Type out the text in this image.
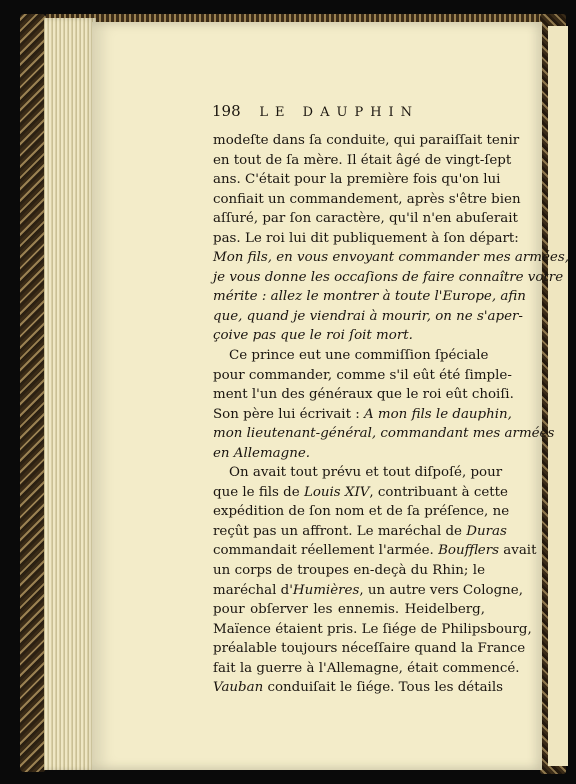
198 LE DAUPHIN
modeſte dans ſa conduite, qui paraiſſait tenir
en tout de ſa mère. Il était âgé de vingt-ſept
ans. C'était pour la première fois qu'on lui
confiait un commandement, après s'être bien
aſſuré, par ſon caractère, qu'il n'en abuſerait
pas. Le roi lui dit publiquement à ſon départ:
Mon fils, en vous envoyant commander mes armées,
je vous donne les occaſions de faire connaître votre
mérite : allez le montrer à toute l'Europe, afin
que, quand je viendrai à mourir, on ne s'aper-
çoive pas que le roi ſoit mort.
Ce prince eut une commiſſion ſpéciale
pour commander, comme s'il eût été ſimple-
ment l'un des généraux que le roi eût choiſi.
Son père lui écrivait : A mon fils le dauphin,
mon lieutenant-général, commandant mes armées
en Allemagne.
On avait tout prévu et tout diſpoſé, pour
que le fils de Louis XIV, contribuant à cette
expédition de ſon nom et de ſa préſence, ne
reçût pas un affront. Le maréchal de Duras
commandait réellement l'armée. Boufflers avait
un corps de troupes en-deçà du Rhin; le
maréchal d'Humières, un autre vers Cologne,
pour obſerver les ennemis. Heidelberg,
Maïence étaient pris. Le ſiége de Philipsbourg,
préalable toujours néceſſaire quand la France
fait la guerre à l'Allemagne, était commencé.
Vauban conduiſait le ſiége. Tous les détails
